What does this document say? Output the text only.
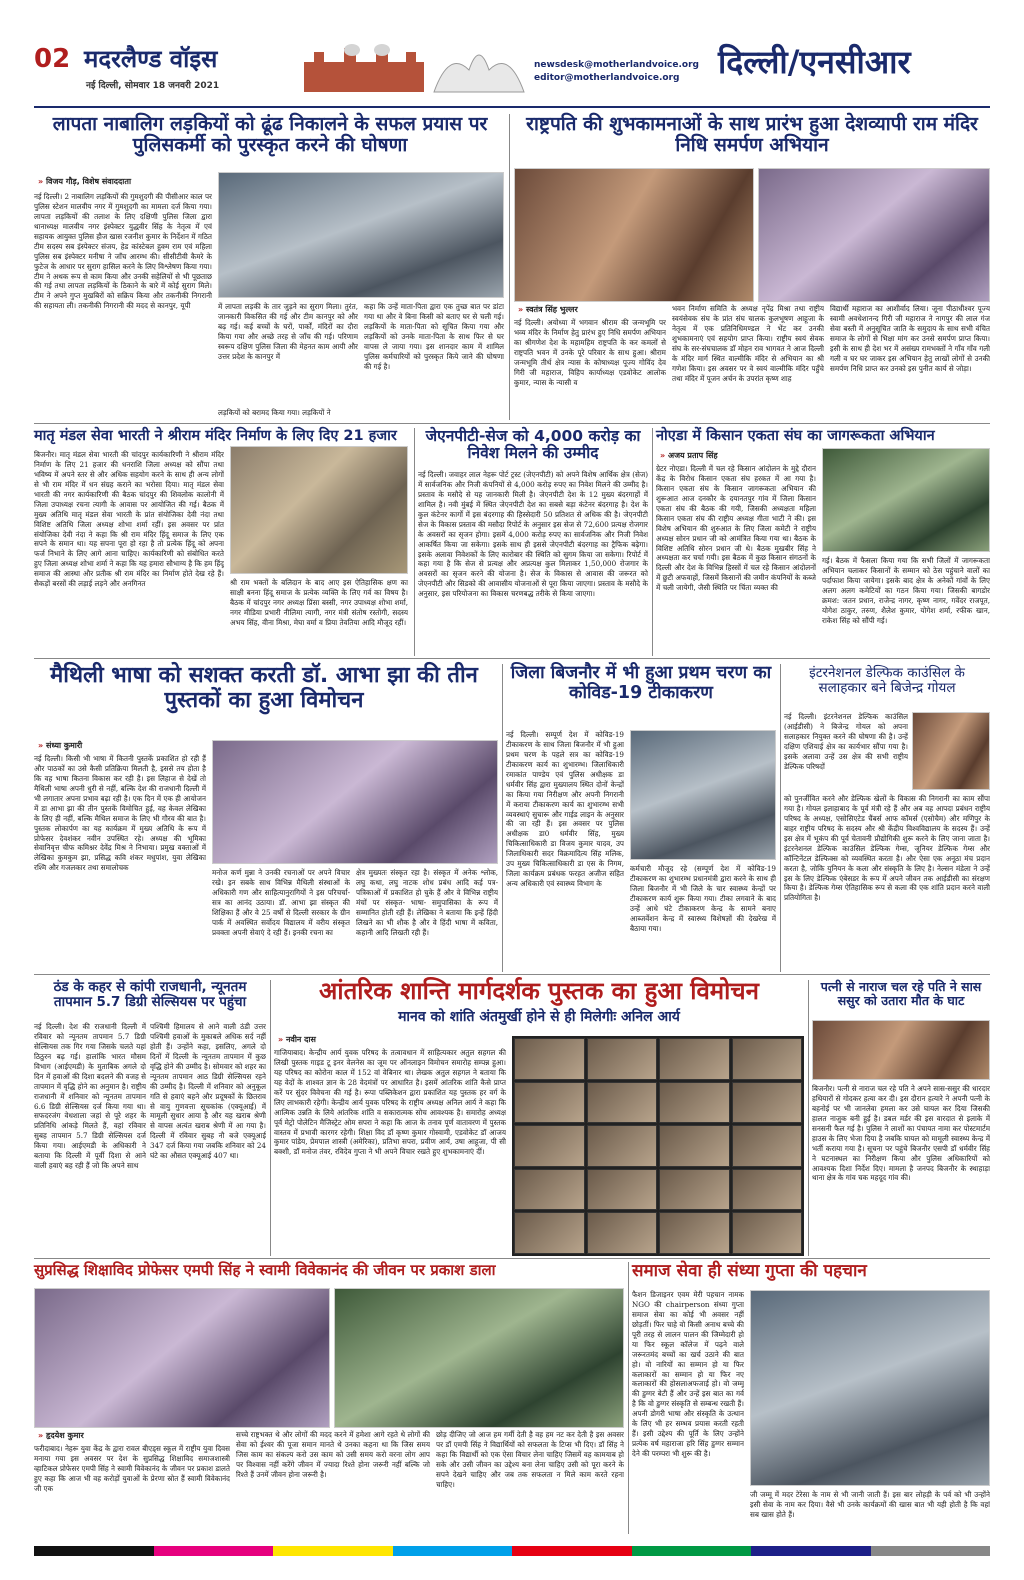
02 मदरलैण्ड वॉइस
नई दिल्ली, सोमवार 18 जनवरी 2021
newsdesk@motherlandvoice.org
editor@motherlandvoice.org दिल्ली/एनसीआर
लापता नाबालिग लड़कियों को ढूंढ निकालने के सफल प्रयास पर पुलिसकर्मी को पुरस्कृत करने की घोषणा
» विजय गौड़, विशेष संवाददाता
नई दिल्ली। 2 नाबालिग लड़कियों की गुमशुदगी की पीसीआर काल पर पुलिस स्टेशन मालवीय नगर में गुमशुदगी का मामला दर्ज किया गया। लापता लड़कियों की तलाश के लिए दक्षिणी पुलिस जिला द्वारा थानाध्यक्ष मालवीय नगर इंस्पेक्टर युद्धवीर सिंह के नेतृत्व में एवं सहायक आयुक्त पुलिस हौज खास रजनीश कुमार के निर्देशन में गठित टीम सदस्य सब इंस्पेक्टर संजय, हेड कांस्टेबल हुक्म राम एवं महिला पुलिस सब इंस्पेक्टर मनीषा ने जाँच आरम्भ की। सीसीटीवी कैमरे के फुटेज के आधार पर सुराग हासिल करने के लिए विश्लेषण किया गया। टीम ने अथक रूप से काम किया और उनकी सहेलियों से भी पूछताछ की गई तथा लापता लड़कियों के ठिकाने के बारे में कोई सुराग मिले। टीम ने अपने गुप्त मुखबिरों को सक्रिय किया और तकनीकी निगरानी की सहायता ली। तकनीकी निगरानी की मदद से कानपुर, यूपी	में लापता लड़की के तार जुड़ने का सुराग मिला। तुरंत, जानकारी विकसित की गई और टीम कानपुर को और बढ़ गई। कई बच्चों के घरों, पार्कों, मंदिरों का दौरा किया गया और अच्छे तरह से जाँच की गई। परिणाम स्वरूप दक्षिण पुलिस जिला की मेहनत काम आयी और उत्तर प्रदेश के कानपुर में
लड़कियों को बरामद किया गया। लड़कियों ने
कहा कि उन्हें माता-पिता द्वारा एक तुच्छ बात पर डांटा गया था और वे बिना किसी को बताए घर से चली गई। लड़कियों के माता-पिता को सूचित किया गया और लड़कियों को उनके माता-पिता के साथ फिर से घर वापस ले जाया गया। इस शानदार काम में शामिल पुलिस कर्मचारियों को पुरस्कृत किये जाने की घोषणा की गई है।
राष्ट्रपति की शुभकामनाओं के साथ प्रारंभ हुआ देशव्यापी राम मंदिर निधि समर्पण अभियान
» स्वतंत्र सिंह भुल्लर
नई दिल्ली। अयोध्या में भगवान श्रीराम की जन्मभूमि पर भव्य मंदिर के निर्माण हेतु प्रारंभ हुए निधि समर्पण अभियान का श्रीगणेश देश के महामहिम राष्ट्रपति के कर कमलों से राष्ट्रपति भवन में उनके पूरे परिवार के साथ हुआ। श्रीराम जन्मभूमि तीर्थ क्षेत्र न्यास के कोषाध्यक्ष पूज्य गोविंद देव गिरी जी महाराज, विहिप कार्याध्यक्ष एडवोकेट आलोक कुमार, न्यास के न्यासी व
भवन निर्माण समिति के अध्यक्ष नृपेंद्र मिश्रा तथा राष्ट्रीय स्वयंसेवक संघ के प्रांत संघ चालक कुलभूषण आहूजा के नेतृत्व में एक प्रतिनिधिमण्डल ने भेंट कर उनकी शुभकामनाएं एवं सहयोग प्राप्त किया। राष्ट्रीय स्वयं सेवक संघ के सर-संघचालक डॉ मोहन राव भागवत ने आज दिल्ली के मंदिर मार्ग स्थित वाल्मीकि मंदिर से अभियान का श्री गणेश किया। इस अवसर पर वे स्वयं वाल्मीकि मंदिर पहुँचे तथा मंदिर में पूजन अर्चन के उपरांत कृष्ण शाह
विद्यार्थी महाराज का आशीर्वाद लिया। जूना पीठाधीश्वर पूज्य स्वामी अवधेशानन्द गिरी जी महाराज ने नागपुर की लाल गंज सेवा बस्ती में अनुसूचित जाति के समुदाय के साथ सभी वंचित समाज के लोगों से भिक्षा मांग कर उनसे समर्पण प्राप्त किया। इसी के साथ ही देश भर में असंख्य रामभक्तों ने गाँव गाँव गली गली व घर घर जाकर इस अभियान हेतु लाखों लोगों से उनकी समर्पण निधि प्राप्त कर उनको इस पुनीत कार्य से जोड़ा।
मातृ मंडल सेवा भारती ने श्रीराम मंदिर निर्माण के लिए दिए 21 हजार
बिजनौर। मातृ मंडल सेवा भारती की चांदपुर कार्यकारिणी ने श्रीराम मंदिर निर्माण के लिए 21 हजार की धनराशि जिला अध्यक्ष को सौंपा तथा भविष्य में अपने स्तर से और अधिक सहयोग करने के साथ ही अन्य लोगों से भी राम मंदिर में धन संग्रह कराने का भरोसा दिया। मातृ मंडल सेवा भारती की नगर कार्यकारिणी की बैठक चांदपुर की शिवलोक कालोनी में जिला उपाध्यक्ष रचना त्यागी के आवास पर आयोजित की गई। बैठक में मुख्य अतिथि मातृ मंडल सेवा भारती के प्रांत संयोजिका देवी नंदा तथा विशिष्ट अतिथि जिला अध्यक्ष शोभा शर्मा रहीं। इस अवसर पर प्रांत संयोजिका देवी नंदा ने कहा कि श्री राम मंदिर हिंदू समाज के लिए एक सपने के समान था। यह सपना पूरा हो रहा है तो प्रत्येक हिंदू को अपना फर्ज निभाने के लिए आगे आना चाहिए। कार्यकारिणी को संबोधित करते हुए जिला अध्यक्ष शोभा शर्मा ने कहा कि यह हमारा सौभाग्य है कि हम हिंदू समाज की आस्था और प्रतीक श्री राम मंदिर का निर्माण होते देख रहे हैं। सैकड़ों बरसों की लड़ाई लड़ने और अनगिनत	श्री राम भक्तों के बलिदान के बाद आए इस ऐतिहासिक क्षण का साक्षी बनना हिंदू समाज के प्रत्येक व्यक्ति के लिए गर्व का विषय है। बैठक में चांदपुर नगर अध्यक्ष प्रिंसा बस्सी, नगर उपाध्यक्ष शोभा शर्मा, नगर मीडिया प्रभारी नीलिमा त्यागी, नगर मंत्री संतोष रस्तोगी, सदस्य अभय सिंह, वीना मिश्रा, मेघा वर्मा व प्रिया तेवतिया आदि मौजूद रहीं।
जेएनपीटी-सेज को 4,000 करोड़ का निवेश मिलने की उम्मीद
नई दिल्ली। जवाहर लाल नेहरू पोर्ट ट्रस्ट (जेएनपीटी) को अपने विशेष आर्थिक क्षेत्र (सेज) में सार्वजनिक और निजी कंपनियों से 4,000 करोड़ रुपए का निवेश मिलने की उम्मीद है। प्रस्ताव के मसौदे से यह जानकारी मिली है। जेएनपीटी देश के 12 मुख्य बंदरगाहों में शामिल है। नवी मुंबई में स्थित जेएनपीटी देश का सबसे बड़ा कंटेनर बंदरगाह है। देश के कुल कंटेनर कार्गो में इस बंदरगाह की हिस्सेदारी 50 प्रतिशत से अधिक की है। जेएनपीटी सेज के विकास प्रस्ताव की मसौदा रिपोर्ट के अनुसार इस सेज से 72,600 प्रत्यक्ष रोजगार के अवसरों का सृजन होगा। इसमें 4,000 करोड़ रुपए का सार्वजनिक और निजी निवेश आकर्षित किया जा सकेगा। इसके साथ ही इससे जेएनपीटी बंदरगाह का ट्रैफिक बढ़ेगा। इसके अलावा निवेशकों के लिए कारोबार की स्थिति को सुगम किया जा सकेगा। रिपोर्ट में कहा गया है कि सेज से प्रत्यक्ष और अप्रत्यक्ष कुल मिलाकर 1,50,000 रोजगार के अवसरों का सृजन करने की योजना है। सेज के विकास से आवास की जरूरत को जेएनपीटी और सिडको की आवासीय योजनाओं से पूरा किया जाएगा। प्रस्ताव के मसौदे के अनुसार, इस परियोजना का विकास चरणबद्ध तरीके से किया जाएगा।
नोएडा में किसान एकता संघ का जागरूकता अभियान
» अजय प्रताप सिंह
ग्रेटर नोएडा। दिल्ली में चल रहे किसान आंदोलन के मुद्दे दौरान केंद्र के विरोध किसान एकता संघ हरकत में आ गया है। किसान एकता संघ के किसान जागरूकता अभियान की शुरूआत आज दनकौर के दयानतपुर गांव में जिला किसान एकता संघ की बैठक की गयी, जिसकी अध्यक्षता महिला किसान एकता संघ की राष्ट्रीय अध्यक्ष गीता भाटी ने की। इस विशेष अभियान की शुरुआत के लिए जिला कमेटी ने राष्ट्रीय अध्यक्ष सोरन प्रधान जी को आमंत्रित किया गया था। बैठक के विशिष्ट अतिथि सोरन प्रधान जी थे। बैठक मुखबीर सिंह ने अध्यक्षता कर चर्चा गयी। इस बैठक में कुछ किसान संगठनों के दिल्ली और देश के विभिन्न हिस्सों में चल रहे किसान आंदोलनों में छुटी अफवाहों, जिसमें किसानों की जमीन कंपनियों के कब्जे में चली जायेगी, जैसी स्थिति पर चिंता व्यक्त की
गई। बैठक में फैसला किया गया कि सभी जिलों में जागरूकता अभियान चलाकर किसानों के सम्मान को ठेस पहुंचाने वालों का पर्दाफाश किया जायेगा। इसके बाद क्षेत्र के अनेकों गांवों के लिए अलग अलग कमेटियों का गठन किया गया। जिसकी बागडोर क्रमश: जतन प्रधान, राजेन्द्र नागर, कृष्ण नागर, गवेंदर राजपूत, योगेश ठाकुर, तरुण, शैलेश कुमार, योगेश शर्मा, रफीक खान, राकेश सिंह को सौंपी गई।
मैथिली भाषा को सशक्त करती डॉ. आभा झा की तीन पुस्तकों का हुआ विमोचन
» संध्या कुमारी
नई दिल्ली। किसी भी भाषा में कितनी पुस्तकें प्रकाशित हो रही हैं और पाठकों का उसे कैसी प्रतिक्रिया मिलती है, इससे तय होता है कि वह भाषा कितना विकास कर रही है। इस लिहाज से देखें तो मैथिली भाषा अपनी धुरी से नहीं, बल्कि देश की राजधानी दिल्ली में भी लगातार अपना प्रभाव बढ़ा रही है। एक दिन में एक ही आयोजन में डा आभा झा की तीन पुस्तकें विमोचित हुई, वह केवल लेखिका के लिए ही नहीं, बल्कि मैथिल समाज के लिए भी गौरव की बात है। पुस्तक लोकार्पण का यह कार्यक्रम में मुख्य अतिथि के रूप में प्रोफेसर देवशंकर नवीन उपस्थित रहे। अध्यक्ष की भूमिका सेवानिवृत्त चीफ कमिश्नर देवेंद्र मिश्र ने निभाया। प्रमुख वक्ताओं में लेखिका कुमकुम झा, प्रसिद्ध कवि शंकर मधुपांश, युवा लेखिका रश्मि और गजलकार तथा समालोचक
मनोज कर्ण मुन्ना ने उनकी रचनाओं पर अपने विचार रखे। इन सबके साथ विभिन्न मैथिली संस्थाओं के अधिकारी गण और साहित्यानुरागियों ने इस परिचर्चा- सत्र का आनंद उठाया। डॉ. आभा झा संस्कृत की शिक्षिका हैं और वे 25 वर्षों से दिल्ली सरकार के ग्रीन पार्क में अवस्थित सर्वोदय विद्यालय में वरीय संस्कृत प्रवक्ता अपनी सेवाएं दे रही हैं। इनकी रचना का
क्षेत्र मुख्यतः संस्कृत रहा है। संस्कृत में अनेक श्लोक, लघु कथा, लघु नाटक शोध प्रबंध आदि कई पत्र-पत्रिकाओं में प्रकाशित हो चुके हैं और वे विभिन्न राष्ट्रीय मंचों पर संस्कृत- भाषा- समुपासिका के रूप में सम्मानित होती रही हैं। लेखिका ने बताया कि इन्हें हिंदी लिखने का भी शौक है और वे हिंदी भाषा में कविता, कहानी आदि लिखती रही हैं।
जिला बिजनौर में भी हुआ प्रथम चरण का कोविड-19 टीकाकरण
नई दिल्ली। सम्पूर्ण देश में कोविड-19 टीकाकरण के साथ जिला बिजनौर में भी हुआ प्रथम चरण के पहले सत्र का कोविड-19 टीकाकरण कार्य का शुभारम्भ। जिलाधिकारी रमाकांत पाण्डेय एवं पुलिस अधीक्षक डा धर्मवीर सिंह द्वारा मुख्यालय स्थित दोनों केन्द्रों का किया गया निरीक्षण और अपनी निगरानी में कराया टीकाकरण कार्य का शुभारम्भ सभी व्यवस्थाएं सुचारू और गाईड लाइन के अनुसार की जा रही हैं। इस अवसर पर पुलिस अधीक्षक डा0 धर्मवीर सिंह, मुख्य चिकित्साधिकारी डा विजय कुमार यादव, उप जिलाधिकारी सदर विक्रमादित्य सिंह मलिक, उप मुख्य चिकित्साधिकारी डा एस के निगम, जिला कार्यक्रम प्रबंधक फरहत अजीज सहित अन्य अधिकारी एवं स्वास्थ्य विभाग के
कर्मचारी मौजूद रहे (सम्पूर्ण देश में कोविड-19 टीकाकरण का शुभारम्भ प्रधानमंत्री द्वारा करने के साथ ही जिला बिजनौर में भी जिले के चार स्वास्थ्य केन्द्रों पर टीकाकरण कार्य शुरू किया गया। टीका लगवाने के बाद उन्हें आधे घंटे टीकाकरण केन्द्र के सामने बनाए आब्जर्वेशन केन्द्र में स्वास्थ्य विशेषज्ञों की देखरेख में बैठाया गया।
इंटरनेशनल डेल्फिक काउंसिल के सलाहकार बने बिजेन्द्र गोयल
नई दिल्ली। इंटरनेशनल डेल्फिक काउंसिल (आईडीसी) ने बिजेन्द्र गोयल को अपना सलाहकार नियुक्त करने की घोषणा की है। उन्हें दक्षिण एशियाई क्षेत्र का कार्यभार सौंपा गया है। इसके अलावा उन्हें उस क्षेत्र की सभी राष्ट्रीय डेल्फिक परिषदों
को पुनर्जीवित करने और डेल्फिक खेलों के विकास की निगरानी का काम सौंपा गया है। गोयल इलाहाबाद के पूर्व मंत्री रहे हैं और अब वह आपदा प्रबंधन राष्ट्रीय परिषद के अध्यक्ष, एसोसिएटेड चैंबर्स आफ कॉमर्स (एसोचैम) और मणिपुर के बाहर राष्ट्रीय परिषद के सदस्य और श्री केंद्रीय विश्वविद्यालय के सदस्य हैं। उन्हें इस क्षेत्र में भूकंप की पूर्व चेतावनी प्रौद्योगिकी शुरू करने के लिए जाना जाता है। इंटरनेशनल डेल्फिक काउंसिल डेल्फिक गेम्स, जूनियर डेल्फिक गेम्स और कॉन्टिनेंटल डेल्फिक्स को व्यवस्थित करता है। और ऐसा एक अनूठा मंच प्रदान करता है, जोकि युनियन के कला और संस्कृति के लिए है। नेल्सन मंडेला ने उन्हें इस के लिए डेल्फिक एंबेसडर के रूप में अपने जीवन तक आईडीसी का संरक्षण किया है। डेल्फिक गेम्स ऐतिहासिक रूप से कला की एक शांति प्रदान करने वाली प्रतियोगिता है।
ठंड के कहर से कांपी राजधानी, न्यूनतम तापमान 5.7 डिग्री सेल्सियस पर पहुंचा
नई दिल्ली। देश की राजधानी दिल्ली में रविवार को न्यूनतम तापमान 5.7 डिग्री सेल्सियस तक गिर गया जिसके चलते यहां ठिठुरन बढ़ गई। हालांकि भारत मौसम विभाग (आईएमडी) के मुताबिक अगले दो दिन में हवाओं की दिशा बदलने की वजह से तापमान में वृद्धि होने का अनुमान है। राष्ट्रीय राजधानी में शनिवार को न्यूनतम तापमान 6.6 डिग्री सेल्सियस दर्ज किया गया था। सफदरजंग वेधशाला जहां से पूरे शहर के प्रतिनिधि आंकड़े मिलते हैं, वहां रविवार सुबह तापमान 5.7 डिग्री सेल्सियस दर्ज किया गया। आईएमडी के अधिकारी ने बताया कि दिल्ली में पूर्वी दिशा से आने वाली हवाएं बह रही हैं जो कि अपने साथ
पश्चिमी हिमालय से आने वाली ठंडी उत्तर पश्चिमी हवाओं के मुकाबले अधिक सर्द नहीं होती हैं। उन्होंने कहा, इसलिए, अगले दो दिनों में दिल्ली के न्यूनतम तापमान में कुछ वृद्धि होने की उम्मीद है। सोमवार को शहर का न्यूनतम तापमान आठ डिग्री सेल्सियस रहने की उम्मीद है। दिल्ली में शनिवार को अनुकूल गति से हवाएं बहने और प्रदूषकों के छितराव से वायु गुणवत्ता सूचकांक (एक्यूआई) में मामूली सुधार आया है और यह खराब श्रेणी से वापस अत्यंत खराब श्रेणी में आ गया है। दिल्ली में रविवार सुबह नौ बजे एक्यूआई 347 दर्ज किया गया जबकि शनिवार को 24 घंटे का औसत एक्यूआई 407 था।
आंतरिक शान्ति मार्गदर्शक पुस्तक का हुआ विमोचन
मानव को शांति अंतमुर्खी होने से ही मिलेगीः अनिल आर्य
» नवीन दास
गाजियाबाद। केन्द्रीय आर्य युवक परिषद के तत्वावधान में साहित्यकार अतुल सहगल की लिखी पुस्तक गाइड टू इनर वेलनेस का जूम पर ऑनलाइन विमोचन समारोह सम्पन्न हुआ। यह परिषद का कोरोना काल में 152 वां वेबिनार था। लेखक अतुल सहगल ने बताया कि यह वेदों के शाश्वत ज्ञान के 28 वेदमंत्रों पर आधारित है। इसमें आंतरिक शांति कैसे प्राप्त करें पर सुंदर विवेचना की गई है। रूपा पब्लिकेशन द्वारा प्रकाशित यह पुस्तक हर वर्ग के लिए लाभकारी रहेगी। केन्द्रीय आर्य युवक परिषद के राष्ट्रीय अध्यक्ष अनिल आर्य ने कहा कि आत्मिक उन्नति के लिये आंतरिक शांति व सकारात्मक सोच आवश्यक है। समारोह अध्यक्ष पूर्व मेट्रो पोलेटिन मैजिस्ट्रेट ओम सपरा ने कहा कि आज के तनाव पूर्ण वातावरण में पुस्तक वास्तव में प्रभावी कारगर रहेगी। शिक्षा विद डॉ कृष्ण कुमार गोस्वामी, एडवोकेट डॉ आजय कुमार पांडेय, प्रेमपाल शास्त्री (अमेरिका), प्रतिभा सपरा, प्रवीण आर्य, उषा आहूजा, पी सी बक्शी, डॉ मनोज तंवर, रविदेव गुप्ता ने भी अपने विचार रखते हुए शुभकामनाएं दीं।
पत्नी से नाराज चल रहे पति ने सास ससुर को उतारा मौत के घाट
बिजनौर। पत्नी से नाराज चल रहे पति ने अपने सास-ससुर की धारदार हथियारों से गोदकर हत्या कर दी। इस दौरान हत्यारे ने अपनी पत्नी के बहनोई पर भी जानलेवा हमला कर उसे घायल कर दिया जिसकी हालत नाजुक बनी हुई है। डबल मर्डर की इस वारदात से इलाके में सनसनी फैल गई है। पुलिस ने लाशों का पंचायत नामा कर पोस्टमार्टम हाउस के लिए भेजा दिया है जबकि घायल को मामूली स्वास्थ्य केन्द्र में भर्ती कराया गया है। सूचना पर पहुंचे बिजनौर एसपी डॉ धर्मवीर सिंह ने घटनास्थल का निरीक्षण किया और पुलिस अधिकारियों को आवश्यक दिशा निर्देश दिए। मामला है जनपद बिजनौर के स्थाहाड़ा थाना क्षेत्र के गांव चक महदूद गांव की।
सुप्रसिद्ध शिक्षाविद प्रोफेसर एमपी सिंह ने स्वामी विवेकानंद की जीवन पर प्रकाश डाला
» हृदयेश कुमार
फरीदाबाद। नेहरू युवा केंद्र के द्वारा रावल बीएड्स स्कूल में राष्ट्रीय युवा दिवस मनाया गया इस अवसर पर देश के सुप्रसिद्ध शिक्षाविद समाजशास्त्री व्हाटिकल प्रोफेसर एमपी सिंह ने स्वामी विवेकानंद के जीवन पर प्रकाश डालते हुए कहा कि आज भी वह करोड़ों युवाओं के प्रेरणा स्रोत हैं स्वामी विवेकानंद जी एक
सच्चे राष्ट्रभक्त थे और लोगों की मदद करने में हमेशा आगे रहते थे लोगों की सेवा को ईश्वर की पूजा समान मानते थे उनका कहना था कि जिस समय जिस काम का संकल्प करो उस काम को उसी समय करो वरना लोग आप पर विश्वास नहीं करेंगे जीवन में ज्यादा रिश्ते होना जरूरी नहीं बल्कि जो रिश्ते हैं उनमें जीवन होना जरूरी है।
छोड़ दीजिए जो आज हम गर्मी देती है वह हम नट कर देती है इस अवसर पर डॉ एमपी सिंह ने विद्यार्थियों को सफलता के टिप्स भी दिए। डॉ सिंह ने कहा कि विद्यार्थी को एक ऐसा विचार लेना चाहिए जिसमें वह कामयाब हो सके और उसी जीवन का उद्देश्य बना लेना चाहिए उसी को पूरा करने के सपने देखने चाहिए और जब तक सफलता न मिले काम करते रहना चाहिए।
समाज सेवा ही संध्या गुप्ता की पहचान
फैशन डिजाइनर एवम मेरी पहचान नामक NGO की chairperson संध्या गुप्ता समाज सेवा का कोई भी अवसर नहीं छोड़तीं। फिर चाहे वो किसी अनाथ बच्चे की पूरी तरह से लालन पालन की जिम्मेदारी हो या फिर स्कूल कॉलेज में पढ़ने वाले जरूरतमंद बच्चों का खर्च उठाने की बात हो। वो नारियों का सम्मान हो या फिर कलाकारों का सम्मान हो या फिर नए कलाकारों की होसलाअफजाई हो। वो जम्मू की डुग्गर बेटी हैं और उन्हें इस बात का गर्व है कि वो डुग्गर संस्कृति से सम्बन्ध रखती हैं। अपनी डोगरी भाषा और संस्कृति के उत्थान के लिए भी हर सम्भव प्रयास करती रहती हैं। इसी उद्देश्य की पूर्ति के लिए उन्होंने प्रत्येक वर्ष महाराजा हरि सिंह डुग्गर सम्मान देने की परम्परा भी शुरू की है।
जी जम्मू में मदर टेरेसा के नाम से भी जानी जाती हैं। इस बार लोहड़ी के पर्व को भी उन्होंने इसी सेवा के नाम कर दिया। वैसे भी उनके कार्यक्रमों की खास बात भी यही होती है कि वहां सब खास होते हैं।
